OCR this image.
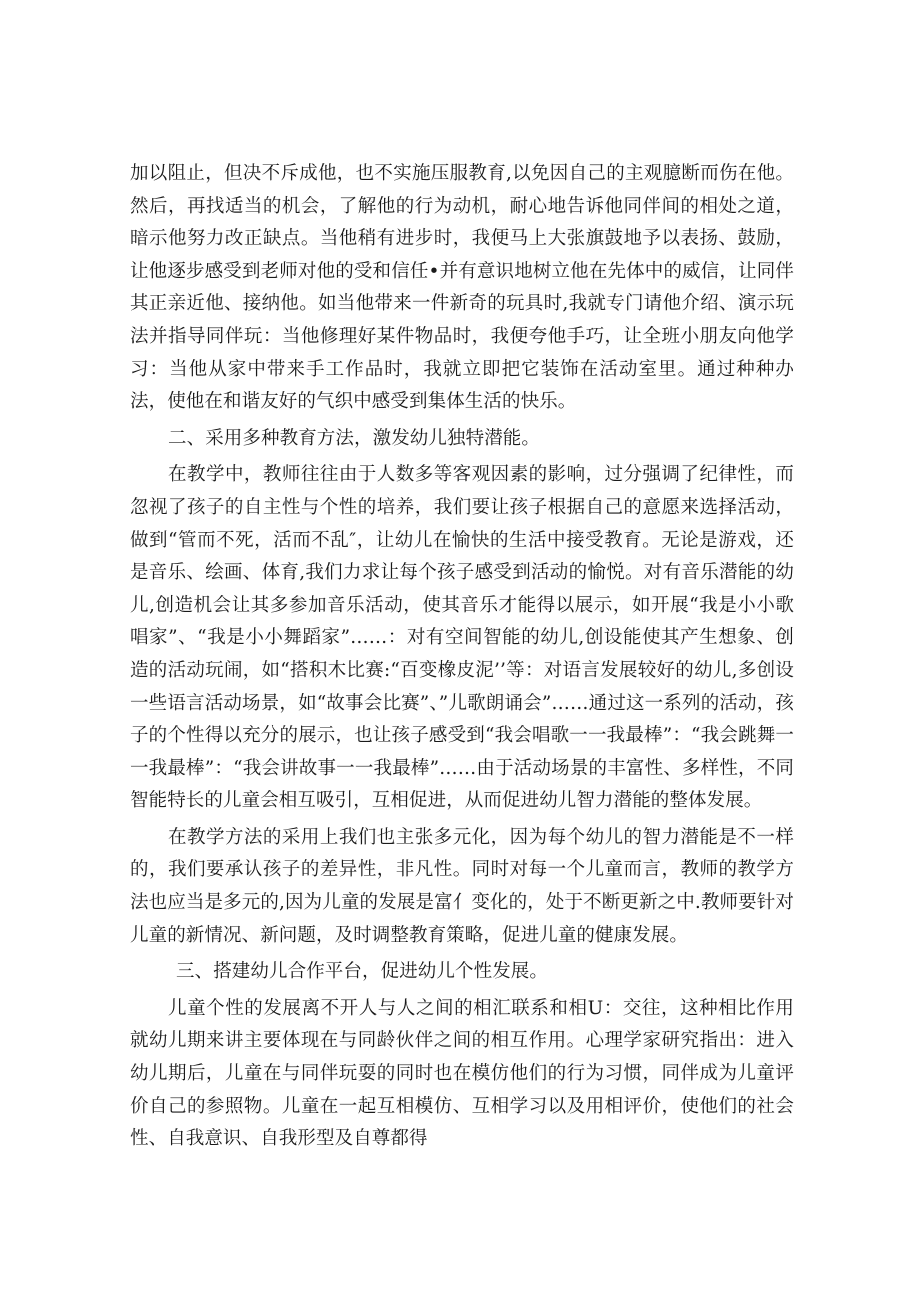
加以阻止，但决不斥成他，也不实施压服教育,以免因自己的主观臆断而伤在他。然后，再找适当的机会，了解他的行为动机，耐心地告诉他同伴间的相处之道，暗示他努力改正缺点。当他稍有进步时，我便马上大张旗鼓地予以表扬、鼓励，让他逐步感受到老师对他的受和信任•并有意识地树立他在先体中的威信，让同伴其正亲近他、接纳他。如当他带来一件新奇的玩具时,我就专门请他介绍、演示玩法并指导同伴玩：当他修理好某件物品时，我便夸他手巧，让全班小朋友向他学习：当他从家中带来手工作品时，我就立即把它装饰在活动室里。通过种种办法，使他在和谐友好的气织中感受到集体生活的快乐。

二、采用多种教育方法，激发幼儿独特潜能。

在教学中，教师往往由于人数多等客观因素的影响，过分强调了纪律性，而忽视了孩子的自主性与个性的培养，我们要让孩子根据自己的意愿来选择活动，做到“管而不死，活而不乱″，让幼儿在愉快的生活中接受教育。无论是游戏，还是音乐、绘画、体育,我们力求让每个孩子感受到活动的愉悦。对有音乐潜能的幼儿,创造机会让其多参加音乐活动，使其音乐才能得以展示，如开展“我是小小歌唱家”、“我是小小舞蹈家”……：对有空间智能的幼儿,创设能使其产生想象、创造的活动玩闹，如“搭积木比赛:“百变橡皮泥’’等：对语言发展较好的幼儿,多创设一些语言活动场景，如“故事会比赛”、”儿歌朗诵会”……通过这一系列的活动，孩子的个性得以充分的展示，也让孩子感受到“我会唱歌一一我最棒”：“我会跳舞一一我最棒”：“我会讲故事一一我最棒”……由于活动场景的丰富性、多样性，不同智能特长的儿童会相互吸引，互相促进，从而促进幼儿智力潜能的整体发展。

在教学方法的采用上我们也主张多元化，因为每个幼儿的智力潜能是不一样的，我们要承认孩子的差异性，非凡性。同时对每一个儿童而言，教师的教学方法也应当是多元的,因为儿童的发展是富亻变化的，处于不断更新之中.教师要针对儿童的新情况、新问题，及时调整教育策略，促进儿童的健康发展。

三、搭建幼儿合作平台，促进幼儿个性发展。

儿童个性的发展离不开人与人之间的相汇联系和相U：交往，这种相比作用就幼儿期来讲主要体现在与同龄伙伴之间的相互作用。心理学家研究指出：进入幼儿期后，儿童在与同伴玩耍的同时也在模仿他们的行为习惯，同伴成为儿童评价自己的参照物。儿童在一起互相模仿、互相学习以及用相评价，使他们的社会性、自我意识、自我形型及自尊都得
